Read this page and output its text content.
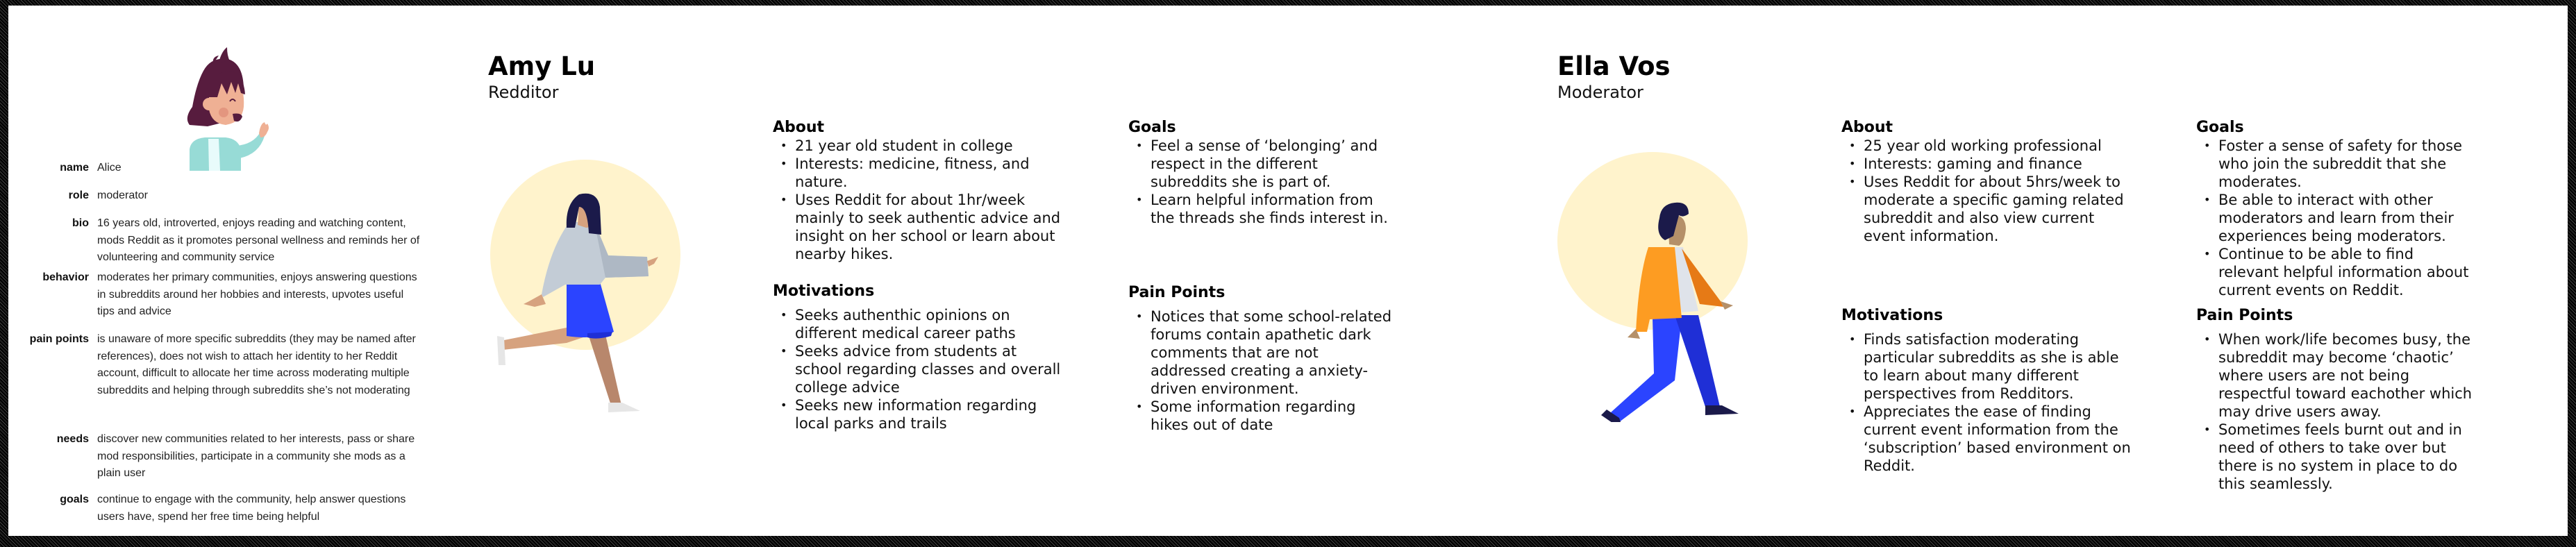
name Alice
role moderator
bio 16 years old, introverted, enjoys reading and watching content, mods Reddit as it promotes personal wellness and reminds her of volunteering and community service
behavior moderates her primary communities, enjoys answering questions in subreddits around her hobbies and interests, upvotes useful tips and advice
pain points is unaware of more specific subreddits (they may be named after references), does not wish to attach her identity to her Reddit account, difficult to allocate her time across moderating multiple subreddits and helping through subreddits she’s not moderating
needs discover new communities related to her interests, pass or share mod responsibilities, participate in a community she mods as a plain user
goals continue to engage with the community, help answer questions users have, spend her free time being helpful
Amy Lu
Redditor
About
• 21 year old student in college
• Interests: medicine, fitness, and nature.
• Uses Reddit for about 1hr/week mainly to seek authentic advice and insight on her school or learn about nearby hikes.
Motivations
• Seeks authenthic opinions on different medical career paths
• Seeks advice from students at school regarding classes and overall college advice
• Seeks new information regarding local parks and trails
Goals
• Feel a sense of ‘belonging’ and respect in the different subreddits she is part of.
• Learn helpful information from the threads she finds interest in.
Pain Points
• Notices that some school-related forums contain apathetic dark comments that are not addressed creating a anxiety-driven environment.
• Some information regarding hikes out of date
Ella Vos
Moderator
About
• 25 year old working professional
• Interests: gaming and finance
• Uses Reddit for about 5hrs/week to moderate a specific gaming related subreddit and also view current event information.
Motivations
• Finds satisfaction moderating particular subreddits as she is able to learn about many different perspectives from Redditors.
• Appreciates the ease of finding current event information from the ‘subscription’ based environment on Reddit.
Goals
• Foster a sense of safety for those who join the subreddit that she moderates.
• Be able to interact with other moderators and learn from their experiences being moderators.
• Continue to be able to find relevant helpful information about current events on Reddit.
Pain Points
• When work/life becomes busy, the subreddit may become ‘chaotic’ where users are not being respectful toward eachother which may drive users away.
• Sometimes feels burnt out and in need of others to take over but there is no system in place to do this seamlessly.
